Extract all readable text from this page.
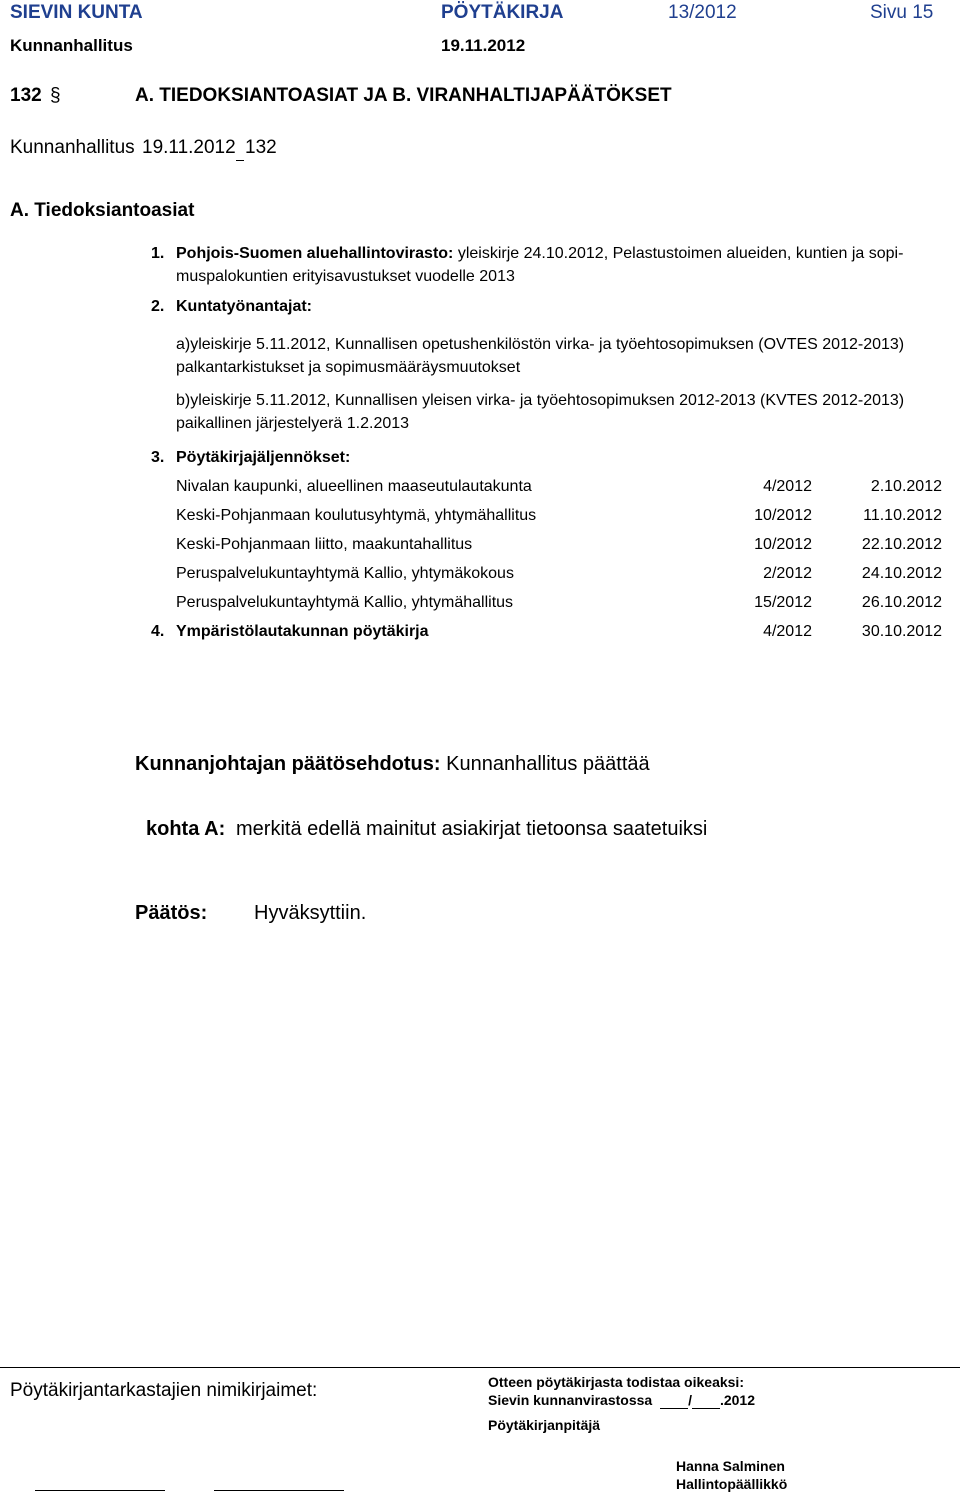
SIEVIN KUNTA	PÖYTÄKIRJA	13/2012	Sivu 15
Kunnanhallitus	19.11.2012
132 §	A. TIEDOKSIANTOASIAT JA B. VIRANHALTIJAPÄÄTÖKSET
Kunnanhallitus 19.11.2012 132
A. Tiedoksiantoasiat
1. Pohjois-Suomen aluehallintovirasto: yleiskirje 24.10.2012, Pelastustoimen alueiden, kuntien ja sopi-
muspalokuntien erityisavustukset vuodelle 2013
2. Kuntatyönantajat:
a)yleiskirje 5.11.2012, Kunnallisen opetushenkilöstön virka- ja työehtosopimuksen (OVTES 2012-2013)
palkantarkistukset ja sopimusmääräysmuutokset
b)yleiskirje 5.11.2012, Kunnallisen yleisen virka- ja työehtosopimuksen 2012-2013 (KVTES 2012-2013)
paikallinen järjestelyerä 1.2.2013
3. Pöytäkirjajäljennökset:
Nivalan kaupunki, alueellinen maaseutulautakunta	4/2012	2.10.2012
Keski-Pohjanmaan koulutusyhtymä, yhtymähallitus	10/2012	11.10.2012
Keski-Pohjanmaan liitto, maakuntahallitus	10/2012	22.10.2012
Peruspalvelukuntayhtymä Kallio, yhtymäkokous	2/2012	24.10.2012
Peruspalvelukuntayhtymä Kallio, yhtymähallitus	15/2012	26.10.2012
4. Ympäristölautakunnan pöytäkirja	4/2012	30.10.2012
Kunnanjohtajan päätösehdotus: Kunnanhallitus päättää
kohta A: merkitä edellä mainitut asiakirjat tietoonsa saatetuiksi
Päätös: Hyväksyttiin.
Pöytäkirjantarkastajien nimikirjaimet:	Otteen pöytäkirjasta todistaa oikeaksi:
Sievin kunnanvirastossa	/ .2012
Pöytäkirjanpitäjä
Hanna Salminen
Hallintopäällikkö
